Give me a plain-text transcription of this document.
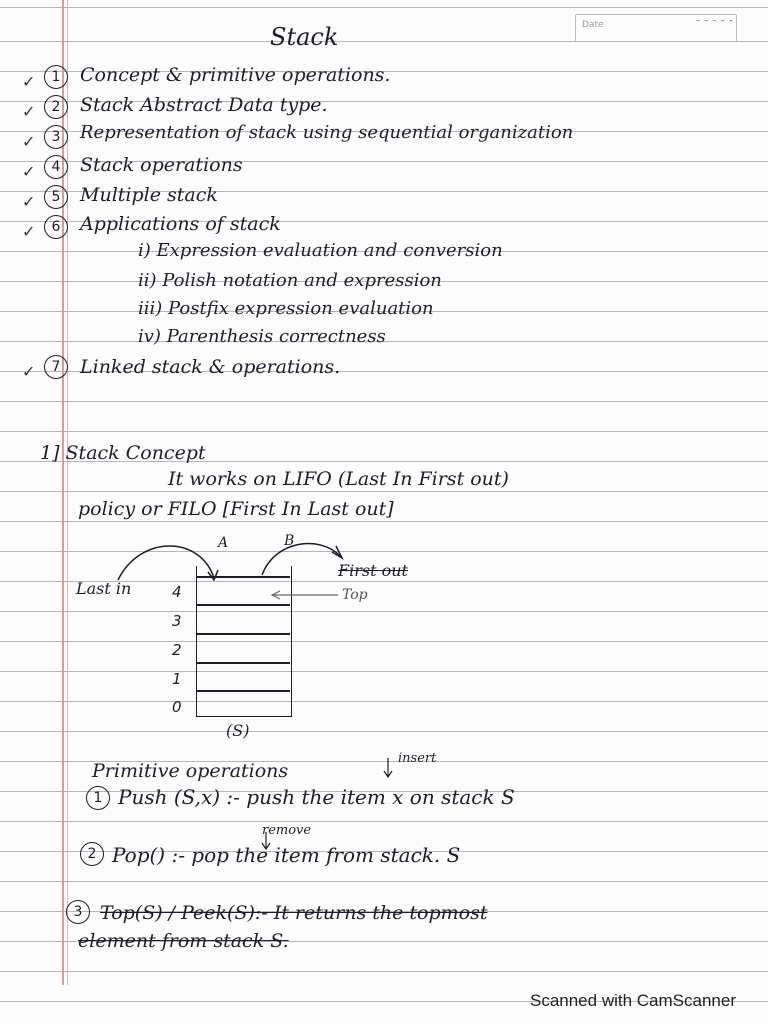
Date	- - - - -
Stack
✓	1	Concept & primitive operations.
✓	2	Stack Abstract Data type.
✓	3	Representation of stack using sequential organization
✓	4	Stack operations
✓	5	Multiple stack
✓	6	Applications of stack
i) Expression evaluation and conversion
ii) Polish notation and expression
iii) Postfix expression evaluation
iv) Parenthesis correctness
✓	7	Linked stack & operations.
1] Stack Concept
It works on LIFO (Last In First out)
policy or FILO [First In Last out]
4
3
2
1
0
Last in
A	B
First out
Top
(S)
Primitive operations
insert
1 Push (S,x) :- push the item x on stack S
remove
2 Pop() :- pop the item from stack. S
3 Top(S) / Peek(S):- It returns the topmost
element from stack S.
Scanned with CamScanner
